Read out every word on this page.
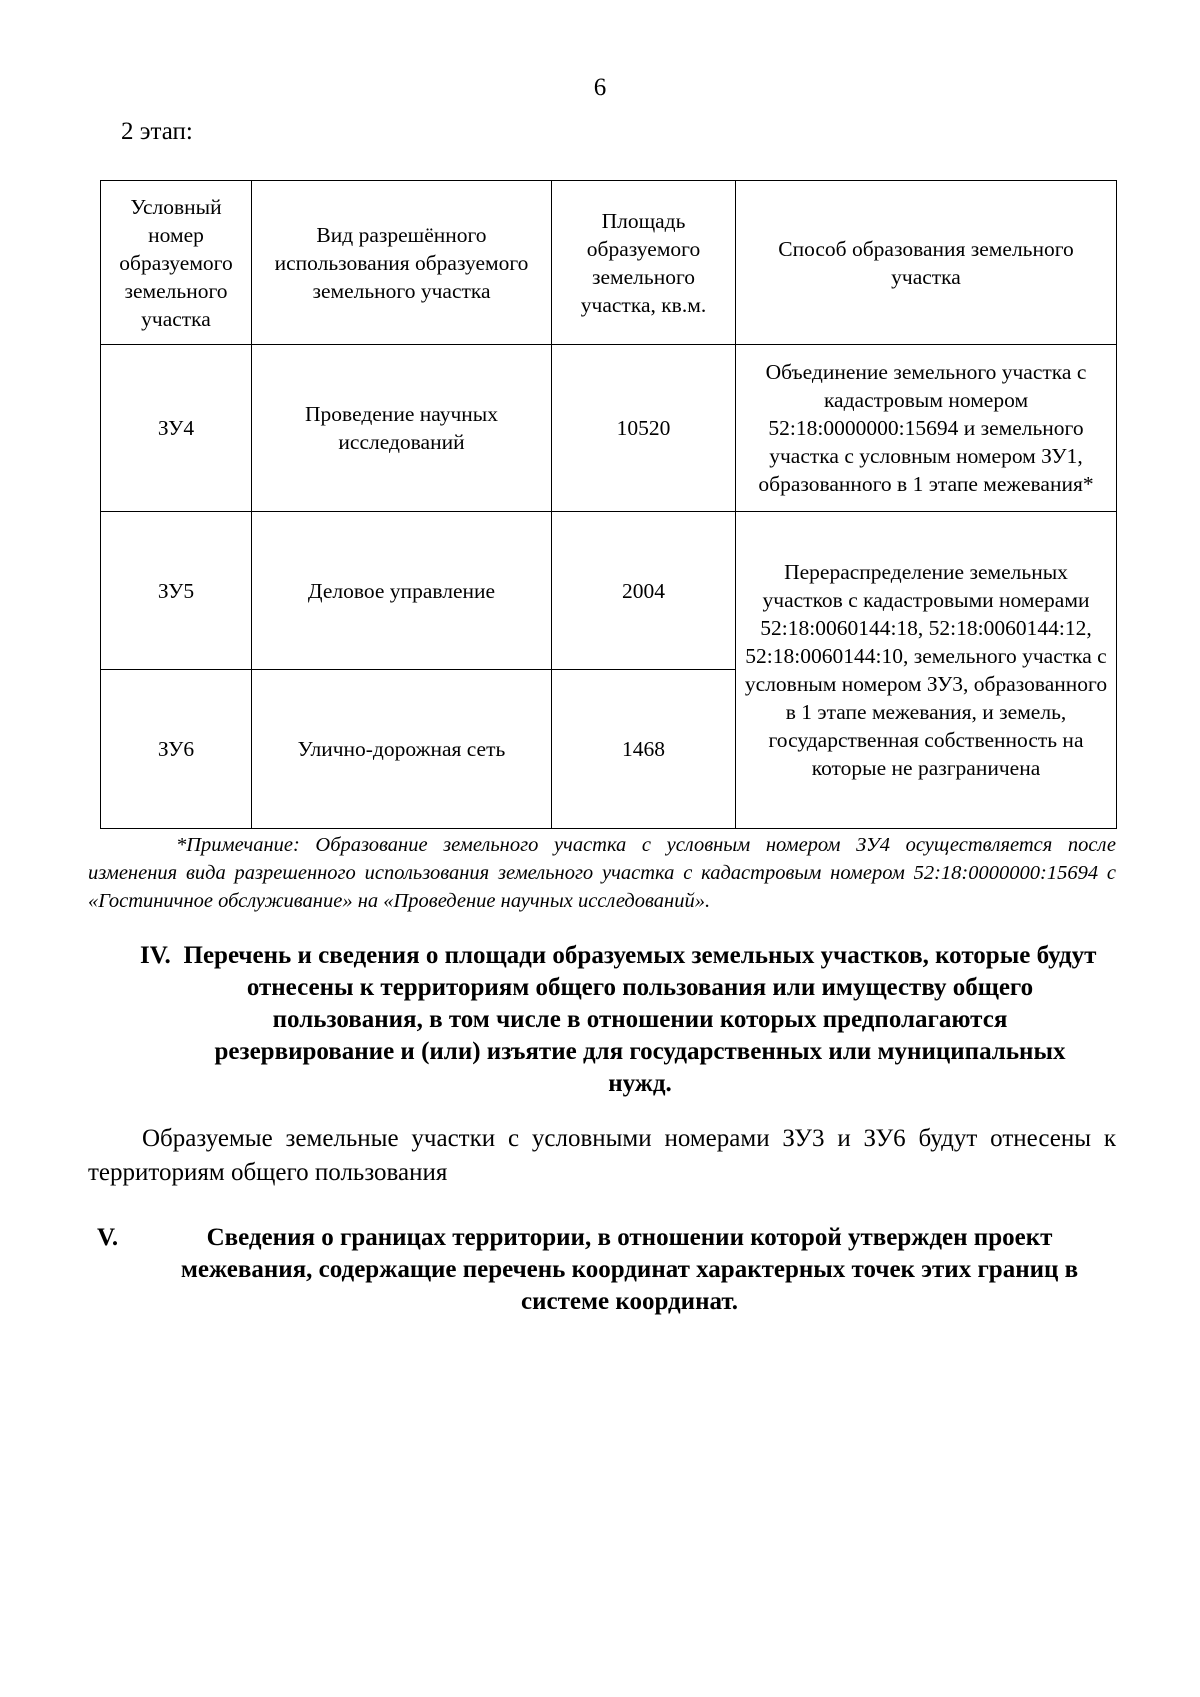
6
2 этап:
Условный номер образуемого земельного участка	Вид разрешённого использования образуемого земельного участка	Площадь образуемого земельного участка, кв.м.	Способ образования земельного участка
ЗУ4	Проведение научных исследований	10520	Объединение земельного участка с кадастровым номером 52:18:0000000:15694 и земельного участка с условным номером ЗУ1, образованного в 1 этапе межевания*
ЗУ5	Деловое управление	2004	Перераспределение земельных участков с кадастровыми номерами 52:18:0060144:18, 52:18:0060144:12, 52:18:0060144:10, земельного участка с условным номером ЗУ3, образованного в 1 этапе межевания, и земель, государственная собственность на которые не разграничена
ЗУ6	Улично-дорожная сеть	1468	
*Примечание: Образование земельного участка с условным номером ЗУ4 осуществляется после изменения вида разрешенного использования земельного участка с кадастровым номером 52:18:0000000:15694 с «Гостиничное обслуживание» на «Проведение научных исследований».
IV. Перечень и сведения о площади образуемых земельных участков, которые будут отнесены к территориям общего пользования или имуществу общего пользования, в том числе в отношении которых предполагаются резервирование и (или) изъятие для государственных или муниципальных нужд.
Образуемые земельные участки с условными номерами ЗУ3 и ЗУ6 будут отнесены к территориям общего пользования
V.	Сведения о границах территории, в отношении которой утвержден проект межевания, содержащие перечень координат характерных точек этих границ в системе координат.
